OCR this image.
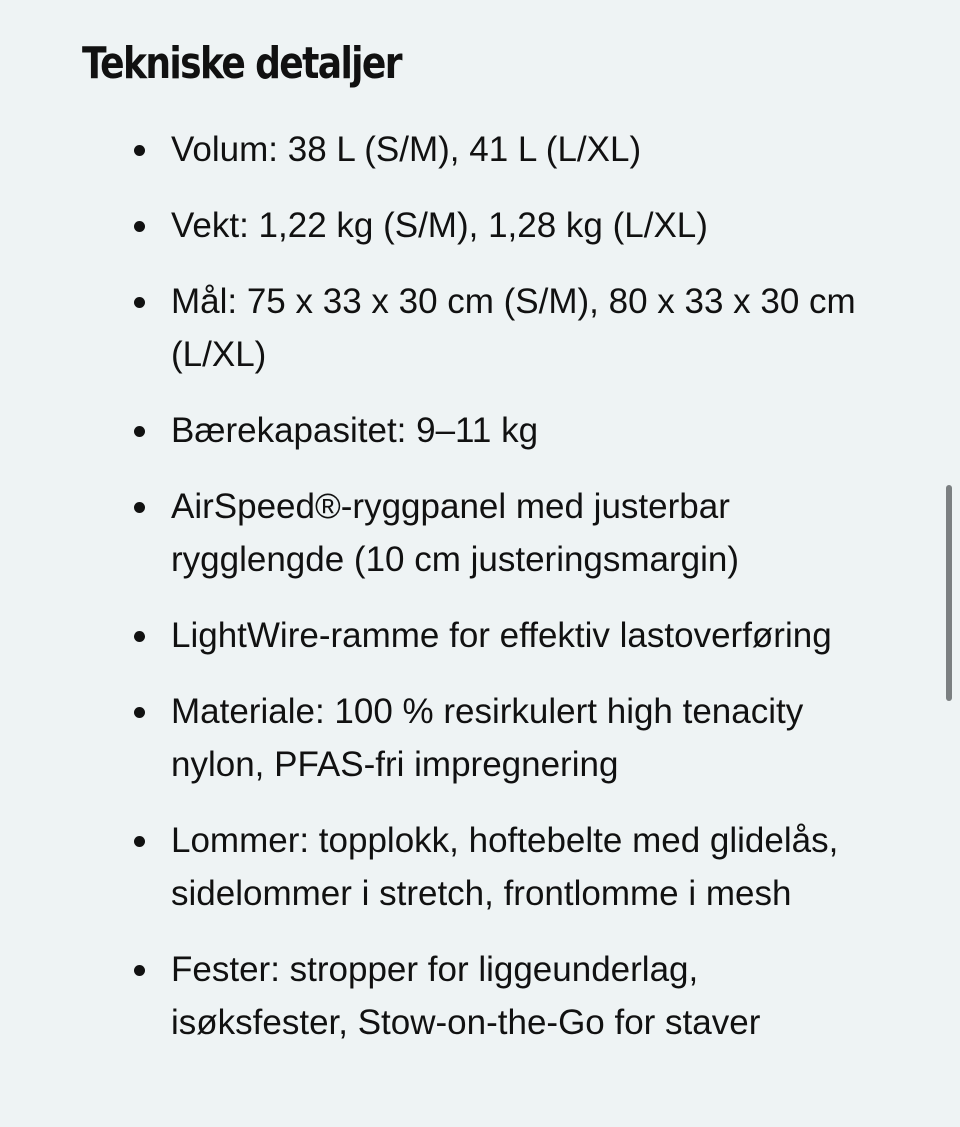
Tekniske detaljer
Volum: 38 L (S/M), 41 L (L/XL)
Vekt: 1,22 kg (S/M), 1,28 kg (L/XL)
Mål: 75 x 33 x 30 cm (S/M), 80 x 33 x 30 cm (L/XL)
Bærekapasitet: 9–11 kg
AirSpeed®-ryggpanel med justerbar rygglengde (10 cm justeringsmargin)
LightWire-ramme for effektiv lastoverføring
Materiale: 100 % resirkulert high tenacity nylon, PFAS-fri impregnering
Lommer: topplokk, hoftebelte med glidelås, sidelommer i stretch, frontlomme i mesh
Fester: stropper for liggeunderlag, isøksfester, Stow-on-the-Go for staver
